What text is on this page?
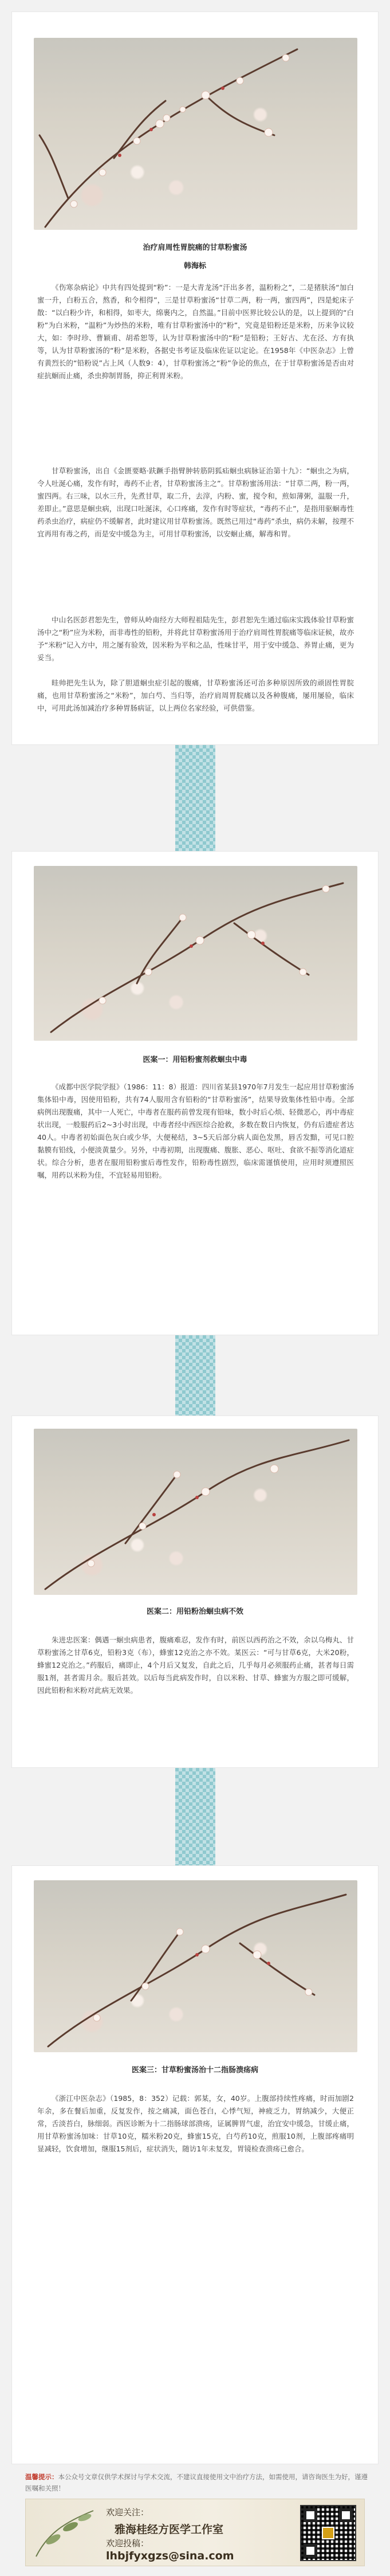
治疗肩周性胃脘痛的甘草粉蜜汤
韩海标

《伤寒杂病论》中共有四处提到“粉”：一是大青龙汤“汗出多者，温粉粉之”，二是猪肤汤“加白蜜一升，白粉五合，熬香，和令相得”，三是甘草粉蜜汤“甘草二两，粉一两，蜜四两”，四是蛇床子散：“以白粉少许，和相得，如枣大，绵裹内之，自然温。”目前中医界比较公认的是，以上提到的“白粉”为白米粉，“温粉”为炒热的米粉，唯有甘草粉蜜汤中的“粉”，究竟是铅粉还是米粉，历来争议较大，如：李时珍、曹颖甫、胡希恕等，认为甘草粉蜜汤中的“粉”是铅粉；王好古、尤在泾、方有执等，认为甘草粉蜜汤的“粉”是米粉，各据史书考证及临床佐证以定论。在1958年《中医杂志》上曾有黄烈长的“铅粉说”占上风（人数9：4），甘草粉蜜汤之“粉”争论的焦点，在于甘草粉蜜汤是否由对症抗蛔而止痛，杀虫抑制胃肠，抑正利胃米粉。

甘草粉蜜汤，出自《金匮要略·趺蹶手指臂肿转筋阴狐疝蛔虫病脉证治第十九》：“蛔虫之为病，令人吐涎心痛，发作有时，毒药不止者，甘草粉蜜汤主之”。甘草粉蜜汤用法：“甘草二两，粉一两，蜜四两。右三味，以水三升，先煮甘草，取二升，去滓，内粉、蜜，搅令和，煎如薄粥，温服一升，差即止。”意思是蛔虫病，出现口吐涎沫，心口疼痛，发作有时等症状，“毒药不止”，是指用驱蛔毒性药杀虫治疗，病症仍不缓解者，此时建议用甘草粉蜜汤。既然已用过“毒药”杀虫，病仍未解，按理不宜再用有毒之药，而是安中缓急为主，可用甘草粉蜜汤，以安蛔止痛，解毒和胃。

中山名医彭君恕先生，曾师从岭南经方大师程祖陆先生，彭君恕先生通过临床实践体验甘草粉蜜汤中之“粉”应为米粉，而非毒性的铅粉，并将此甘草粉蜜汤用于治疗肩周性胃脘痛等临床证候，故亦予“米粉”记入方中，用之屡有验效，因米粉为平和之品，性味甘平，用于安中缓急、养胃止痛，更为妥当。

眭帅把先生认为，除了胆道蛔虫症引起的腹痛，甘草粉蜜汤还可治多种原因所致的顽固性胃脘痛，也用甘草粉蜜汤之“米粉”，加白芍、当归等，治疗肩周胃脘痛以及各种腹痛，屡用屡验，临床中，可用此汤加减治疗多种胃肠病证，以上两位名家经验，可供借鉴。

医案一：用铅粉蜜剂救蛔虫中毒

《成都中医学院学报》（1986：11：8）报道：四川省某县1970年7月发生一起应用甘草粉蜜汤集体铅中毒，因使用铅粉，共有74人服用含有铅粉的“甘草粉蜜汤”，结果导致集体性铅中毒。全部病例出现腹痛，其中一人死亡，中毒者在服药前曾发现有铅味，数小时后心烦、轻微恶心，再中毒症状出现，一般服药后2~3小时出现，中毒者经中西医综合抢救，多数在数日内恢复，仍有后遗症者达40人。中毒者初始面色灰白或少华，大便秘结，3~5天后部分病人面色发黑，唇舌发黯，可见口腔黏膜有铅线，小便淡黄量少。另外，中毒初期，出现腹痛、腹胀、恶心、呕吐、食欲不振等消化道症状。综合分析，患者在服用铅粉蜜后毒性发作，铅粉毒性剧烈，临床需谨慎使用，应用时须遵照医嘱，用药以米粉为佳，不宜轻易用铅粉。

医案二：用铅粉治蛔虫病不效

朱进忠医案：偶遇一蛔虫病患者，腹痛难忍，发作有时，前医以西药治之不效，余以乌梅丸、甘草粉蜜汤之甘草6克，铅粉3克（布），蜂蜜12克治之亦不效。某医云：“可与甘草6克，大米20粉，蜂蜜12克治之。”药服后，痛即止，4个月后又复发，自此之后，几乎每月必须服药止痛，甚者每日需服1剂，甚者需月余。服后甚效。以后每当此病发作时，自以米粉、甘草、蜂蜜为方服之即可缓解，因此铅粉和米粉对此病无效果。

医案三：甘草粉蜜汤治十二指肠溃疡病

《浙江中医杂志》（1985，8：352）记载：郭某，女，40岁。上腹部持续性疼痛，时而加剧2年余，多在餐后加重，反复发作，按之痛减，面色苍白，心悸气短，神疲乏力，胃纳减少，大便正常，舌淡苔白，脉细弱。西医诊断为十二指肠球部溃疡，证属脾胃气虚，治宜安中缓急，甘缓止痛，用甘草粉蜜汤加味：甘草10克，糯米粉20克，蜂蜜15克，白芍药10克，煎服10剂，上腹部疼痛明显减轻，饮食增加，继服15剂后，症状消失，随访1年未复发，胃镜检查溃疡已愈合。

温馨提示：本公众号文章仅供学术探讨与学术交流，不建议直接使用文中治疗方法，如需使用，请咨询医生为好，谨遵医嘱和关照！

欢迎关注：
雅海桂经方医学工作室
欢迎投稿：
lhbjfyxgzs@sina.com
